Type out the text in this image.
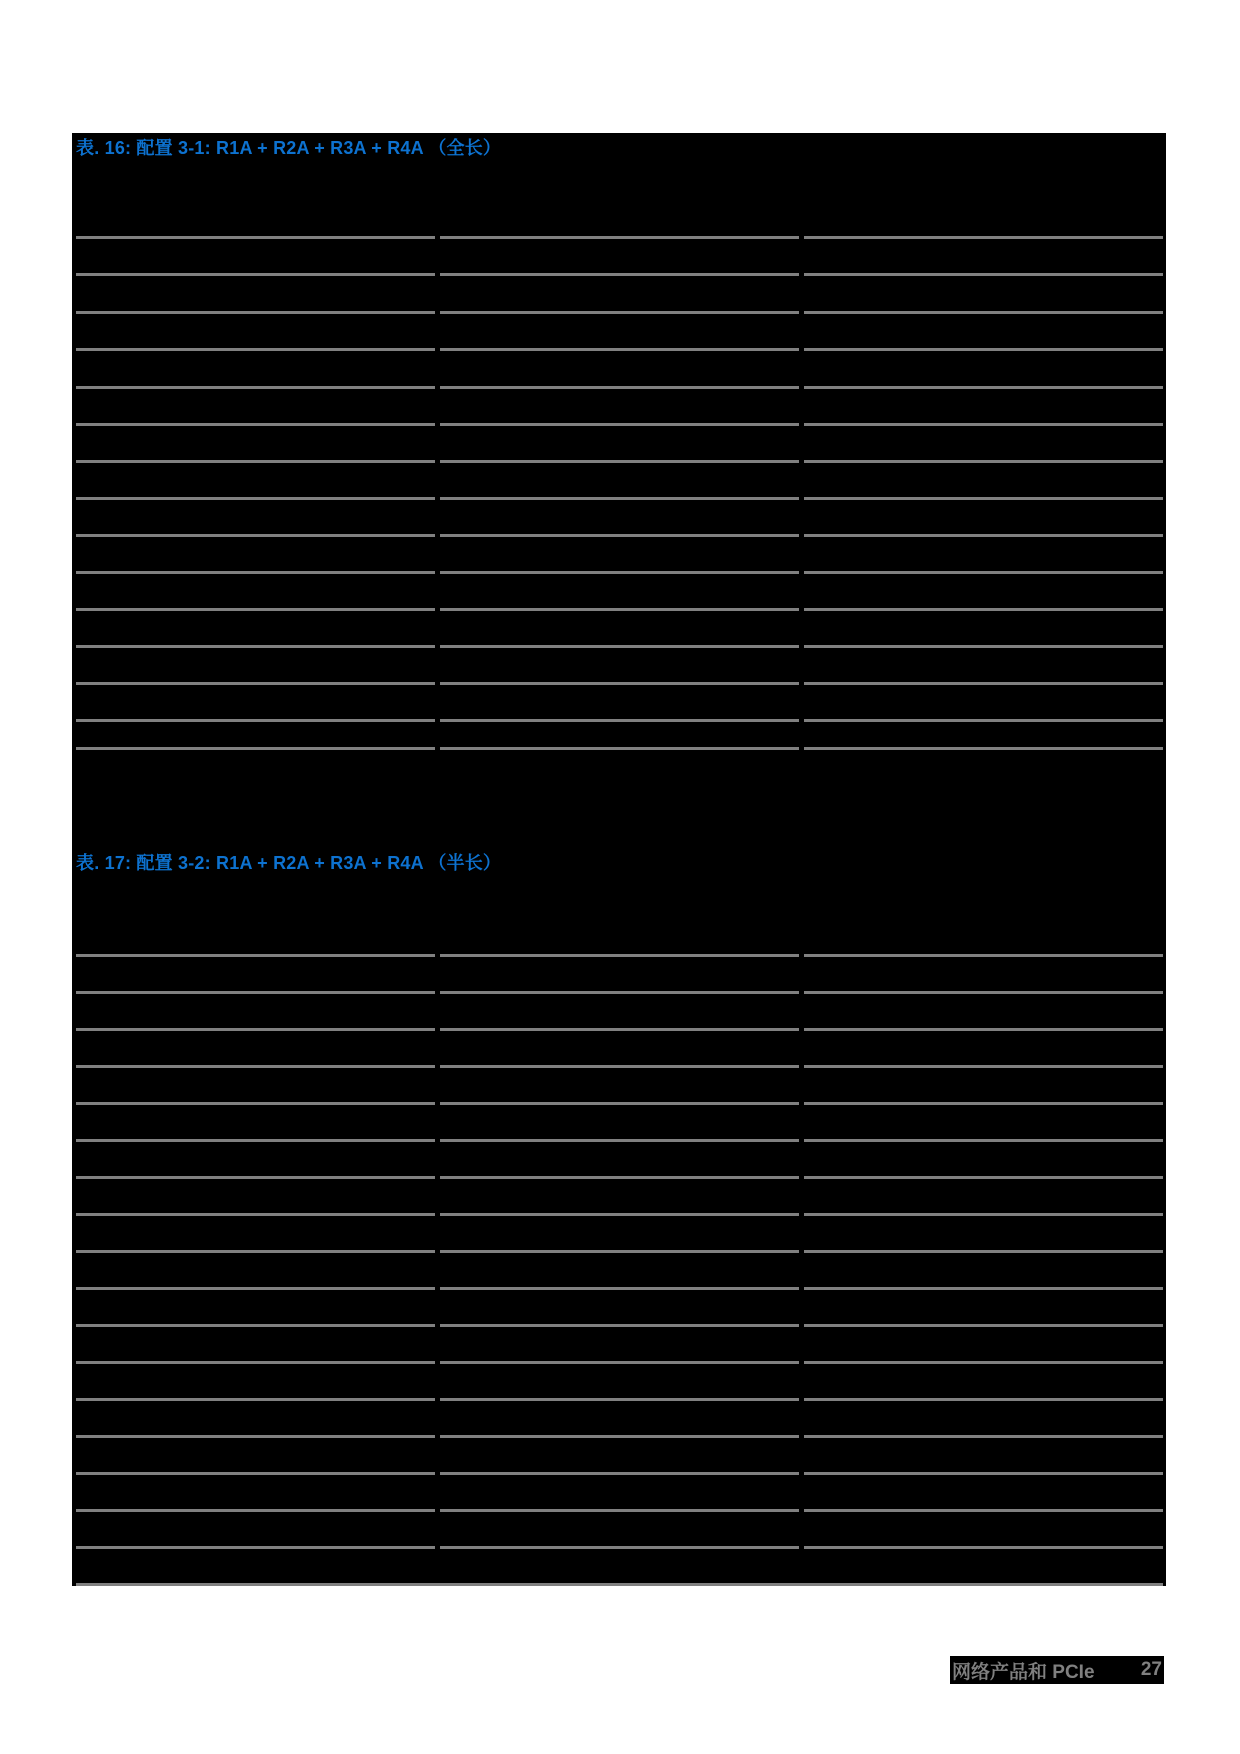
表. 16: 配置 3-1: R1A + R2A + R3A + R4A （全长）
表. 17: 配置 3-2: R1A + R2A + R3A + R4A （半长）
网络产品和 PCIe 27
